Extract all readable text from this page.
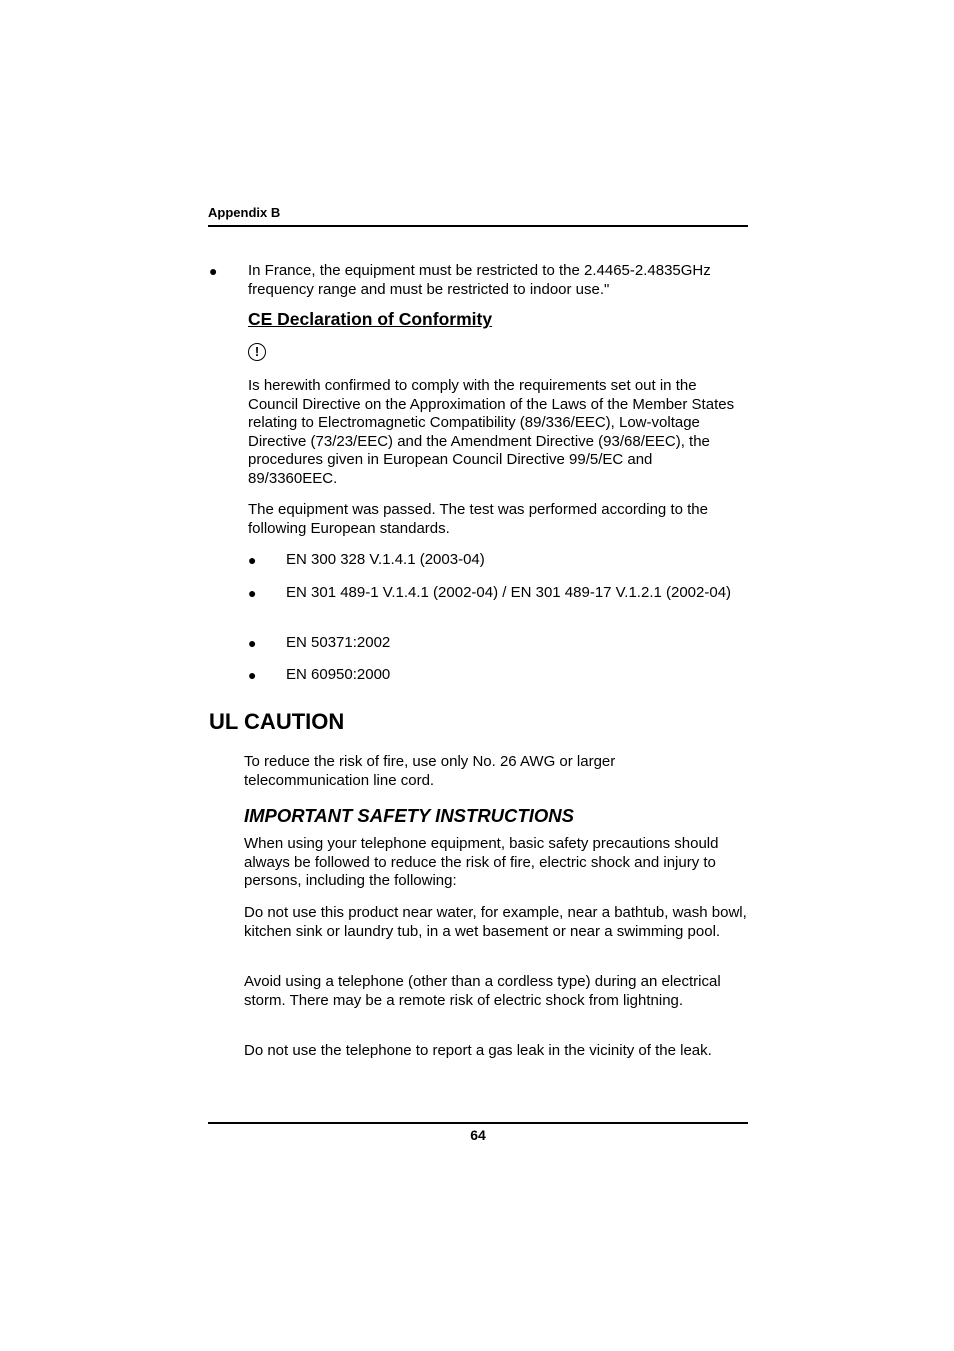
Appendix B
● In France, the equipment must be restricted to the 2.4465-2.4835GHz frequency range and must be restricted to indoor use."

CE Declaration of Conformity
!

Is herewith confirmed to comply with the requirements set out in the Council Directive on the Approximation of the Laws of the Member States relating to Electromagnetic Compatibility (89/336/EEC), Low-voltage Directive (73/23/EEC) and the Amendment Directive (93/68/EEC), the procedures given in European Council Directive 99/5/EC and 89/3360EEC.

The equipment was passed. The test was performed according to the following European standards.

● EN 300 328 V.1.4.1 (2003-04)

● EN 301 489-1 V.1.4.1 (2002-04) / EN 301 489-17 V.1.2.1 (2002-04)

● EN 50371:2002

● EN 60950:2000

UL CAUTION

To reduce the risk of fire, use only No. 26 AWG or larger telecommunication line cord.

IMPORTANT SAFETY INSTRUCTIONS

When using your telephone equipment, basic safety precautions should always be followed to reduce the risk of fire, electric shock and injury to persons, including the following:

Do not use this product near water, for example, near a bathtub, wash bowl, kitchen sink or laundry tub, in a wet basement or near a swimming pool.

Avoid using a telephone (other than a cordless type) during an electrical storm. There may be a remote risk of electric shock from lightning.

Do not use the telephone to report a gas leak in the vicinity of the leak.

64
